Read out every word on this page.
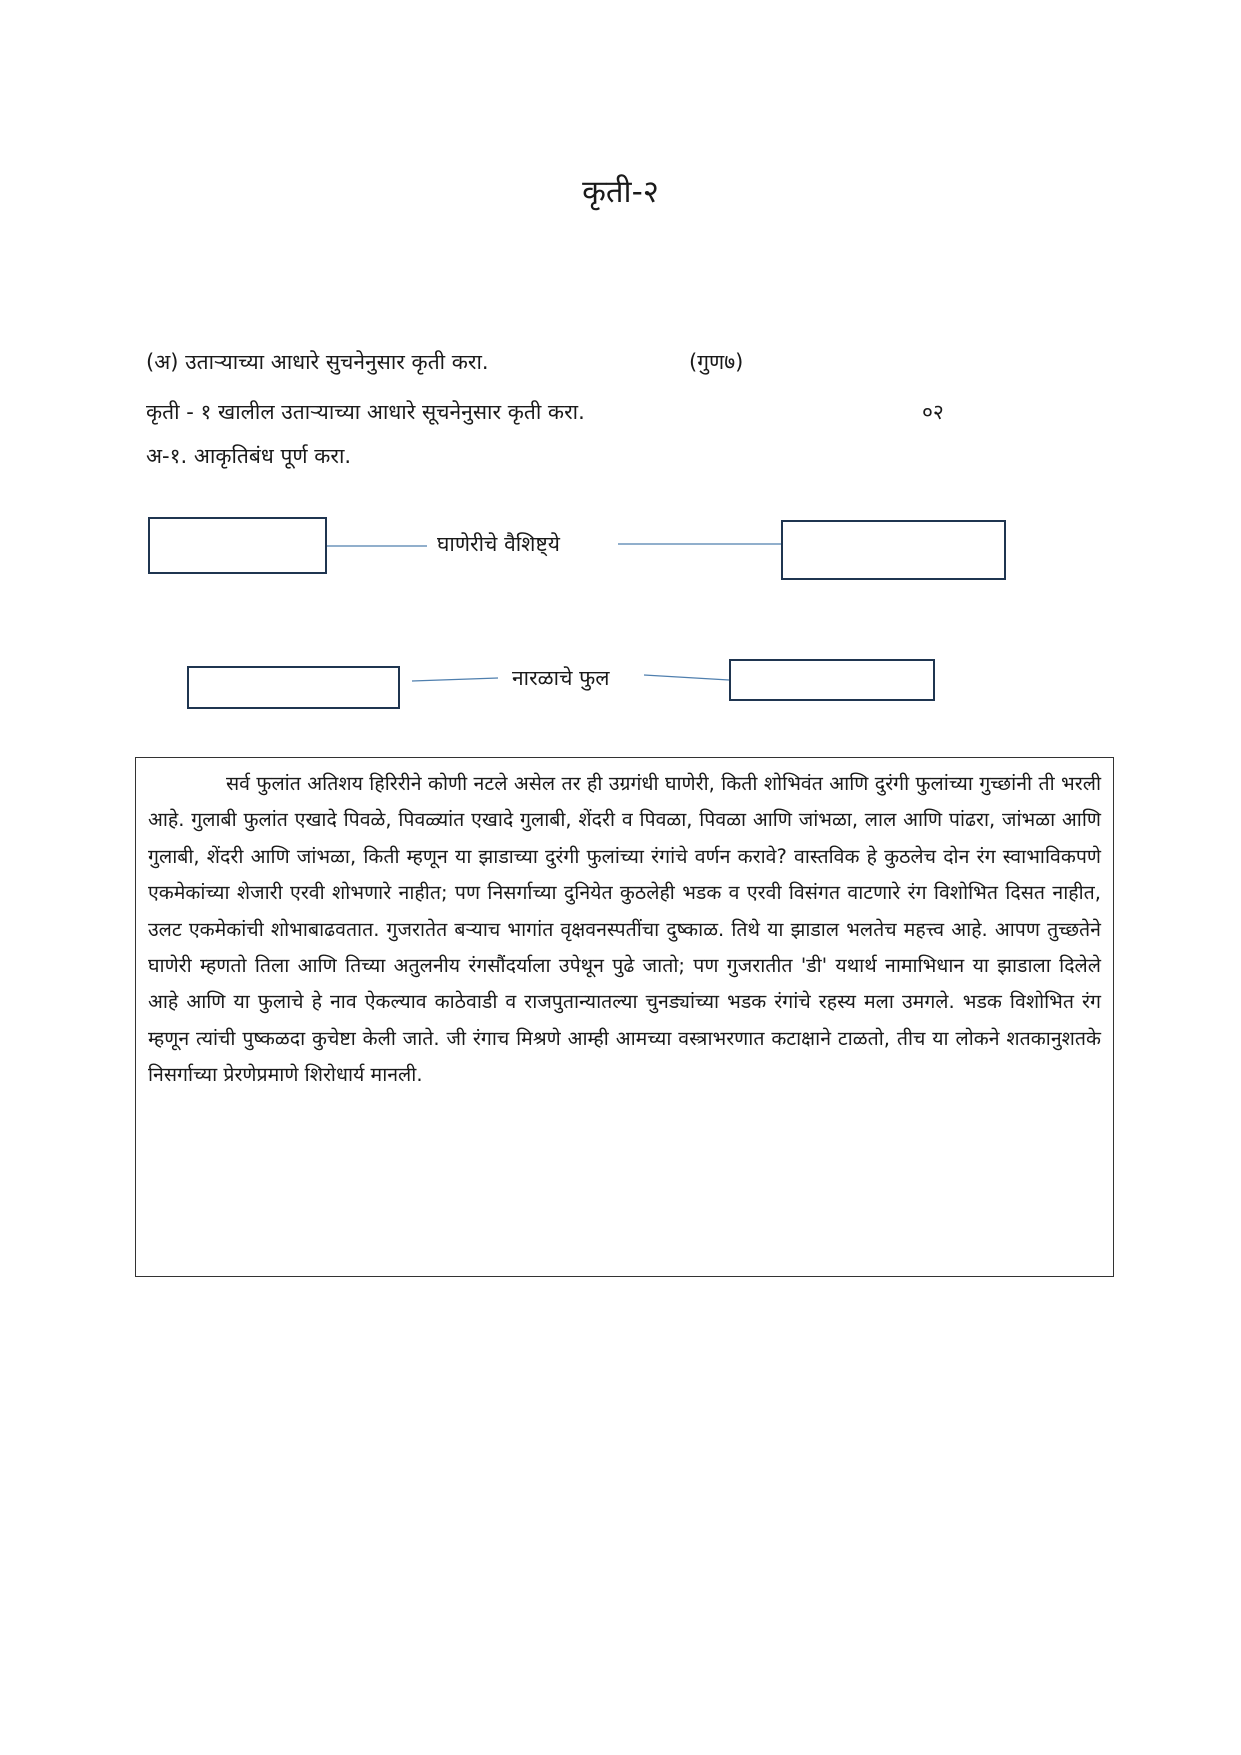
कृती-२
(अ) उताऱ्याच्या आधारे सुचनेनुसार कृती करा.	(गुण७)
कृती - १ खालील उताऱ्याच्या आधारे सूचनेनुसार कृती करा.	०२
अ-१. आकृतिबंध पूर्ण करा.
घाणेरीचे वैशिष्ट्ये
नारळाचे फुल

सर्व फुलांत अतिशय हिरिरीने कोणी नटले असेल तर ही उग्रगंधी घाणेरी, किती शोभिवंत आणि दुरंगी फुलांच्या गुच्छांनी ती भरली आहे. गुलाबी फुलांत एखादे पिवळे, पिवळ्यांत एखादे गुलाबी, शेंदरी व पिवळा, पिवळा आणि जांभळा, लाल आणि पांढरा, जांभळा आणि गुलाबी, शेंदरी आणि जांभळा, किती म्हणून या झाडाच्या दुरंगी फुलांच्या रंगांचे वर्णन करावे? वास्तविक हे कुठलेच दोन रंग स्वाभाविकपणे एकमेकांच्या शेजारी एरवी शोभणारे नाहीत; पण निसर्गाच्या दुनियेत कुठलेही भडक व एरवी विसंगत वाटणारे रंग विशोभित दिसत नाहीत, उलट एकमेकांची शोभाबाढवतात. गुजरातेत बऱ्याच भागांत वृक्षवनस्पतींचा दुष्काळ. तिथे या झाडाल भलतेच महत्त्व आहे. आपण तुच्छतेने घाणेरी म्हणतो तिला आणि तिच्या अतुलनीय रंगसौंदर्याला उपेथून पुढे जातो; पण गुजरातीत 'डी' यथार्थ नामाभिधान या झाडाला दिलेले आहे आणि या फुलाचे हे नाव ऐकल्याव काठेवाडी व राजपुतान्यातल्या चुनड्यांच्या भडक रंगांचे रहस्य मला उमगले. भडक विशोभित रंग म्हणून त्यांची पुष्कळदा कुचेष्टा केली जाते. जी रंगाच मिश्रणे आम्ही आमच्या वस्त्राभरणात कटाक्षाने टाळतो, तीच या लोकने शतकानुशतके निसर्गाच्या प्रेरणेप्रमाणे शिरोधार्य मानली.
